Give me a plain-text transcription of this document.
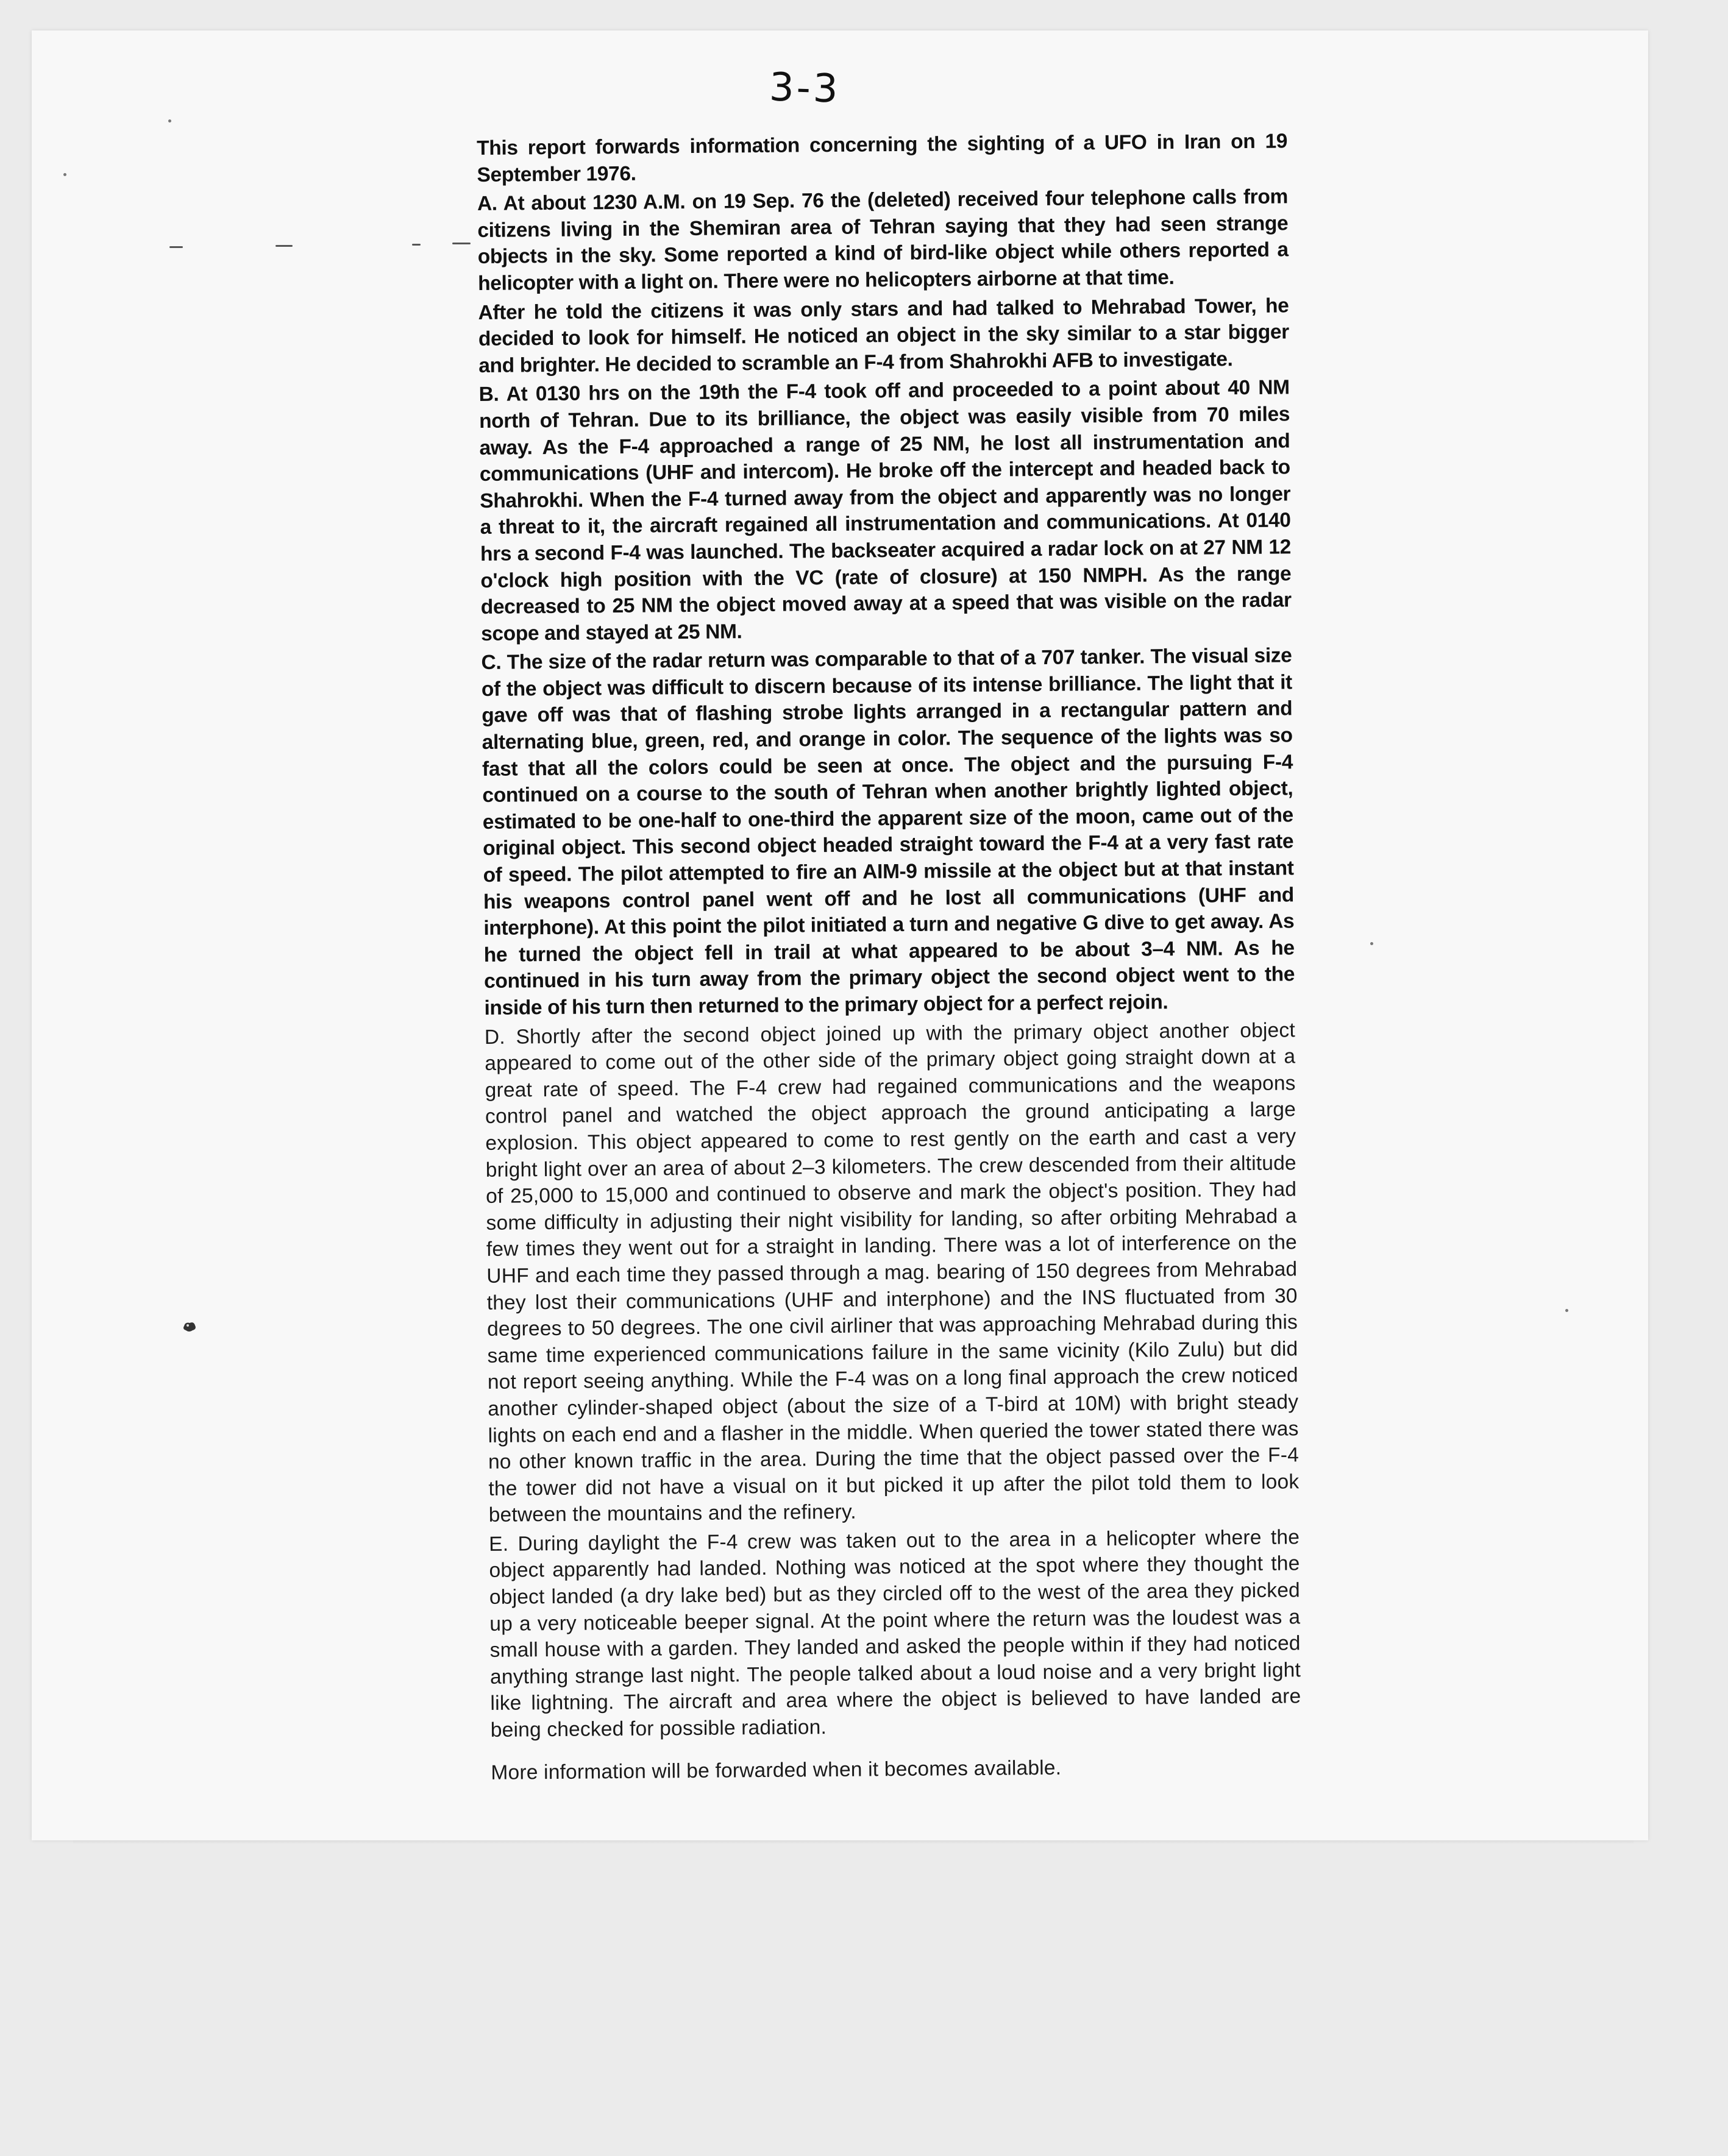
3-3

This report forwards information concerning the sighting of a UFO in Iran on 19 September 1976.

A. At about 1230 A.M. on 19 Sep. 76 the (deleted) received four telephone calls from citizens living in the Shemiran area of Tehran saying that they had seen strange objects in the sky. Some reported a kind of bird-like object while others reported a helicopter with a light on. There were no helicopters airborne at that time.

After he told the citizens it was only stars and had talked to Mehrabad Tower, he decided to look for himself. He noticed an object in the sky similar to a star bigger and brighter. He decided to scramble an F-4 from Shahrokhi AFB to investigate.

B. At 0130 hrs on the 19th the F-4 took off and proceeded to a point about 40 NM north of Tehran. Due to its brilliance, the object was easily visible from 70 miles away. As the F-4 approached a range of 25 NM, he lost all instrumentation and communications (UHF and intercom). He broke off the intercept and headed back to Shahrokhi. When the F-4 turned away from the object and apparently was no longer a threat to it, the aircraft regained all instrumentation and communications. At 0140 hrs a second F-4 was launched. The backseater acquired a radar lock on at 27 NM 12 o'clock high position with the VC (rate of closure) at 150 NMPH. As the range decreased to 25 NM the object moved away at a speed that was visible on the radar scope and stayed at 25 NM.

C. The size of the radar return was comparable to that of a 707 tanker. The visual size of the object was difficult to discern because of its intense brilliance. The light that it gave off was that of flashing strobe lights arranged in a rectangular pattern and alternating blue, green, red, and orange in color. The sequence of the lights was so fast that all the colors could be seen at once. The object and the pursuing F-4 continued on a course to the south of Tehran when another brightly lighted object, estimated to be one-half to one-third the apparent size of the moon, came out of the original object. This second object headed straight toward the F-4 at a very fast rate of speed. The pilot attempted to fire an AIM-9 missile at the object but at that instant his weapons control panel went off and he lost all communications (UHF and interphone). At this point the pilot initiated a turn and negative G dive to get away. As he turned the object fell in trail at what appeared to be about 3–4 NM. As he continued in his turn away from the primary object the second object went to the inside of his turn then returned to the primary object for a perfect rejoin.

D. Shortly after the second object joined up with the primary object another object appeared to come out of the other side of the primary object going straight down at a great rate of speed. The F-4 crew had regained communications and the weapons control panel and watched the object approach the ground anticipating a large explosion. This object appeared to come to rest gently on the earth and cast a very bright light over an area of about 2–3 kilometers. The crew descended from their altitude of 25,000 to 15,000 and continued to observe and mark the object's position. They had some difficulty in adjusting their night visibility for landing, so after orbiting Mehrabad a few times they went out for a straight in landing. There was a lot of interference on the UHF and each time they passed through a mag. bearing of 150 degrees from Mehrabad they lost their communications (UHF and interphone) and the INS fluctuated from 30 degrees to 50 degrees. The one civil airliner that was approaching Mehrabad during this same time experienced communications failure in the same vicinity (Kilo Zulu) but did not report seeing anything. While the F-4 was on a long final approach the crew noticed another cylinder-shaped object (about the size of a T-bird at 10M) with bright steady lights on each end and a flasher in the middle. When queried the tower stated there was no other known traffic in the area. During the time that the object passed over the F-4 the tower did not have a visual on it but picked it up after the pilot told them to look between the mountains and the refinery.

E. During daylight the F-4 crew was taken out to the area in a helicopter where the object apparently had landed. Nothing was noticed at the spot where they thought the object landed (a dry lake bed) but as they circled off to the west of the area they picked up a very noticeable beeper signal. At the point where the return was the loudest was a small house with a garden. They landed and asked the people within if they had noticed anything strange last night. The people talked about a loud noise and a very bright light like lightning. The aircraft and area where the object is believed to have landed are being checked for possible radiation.

More information will be forwarded when it becomes available.
